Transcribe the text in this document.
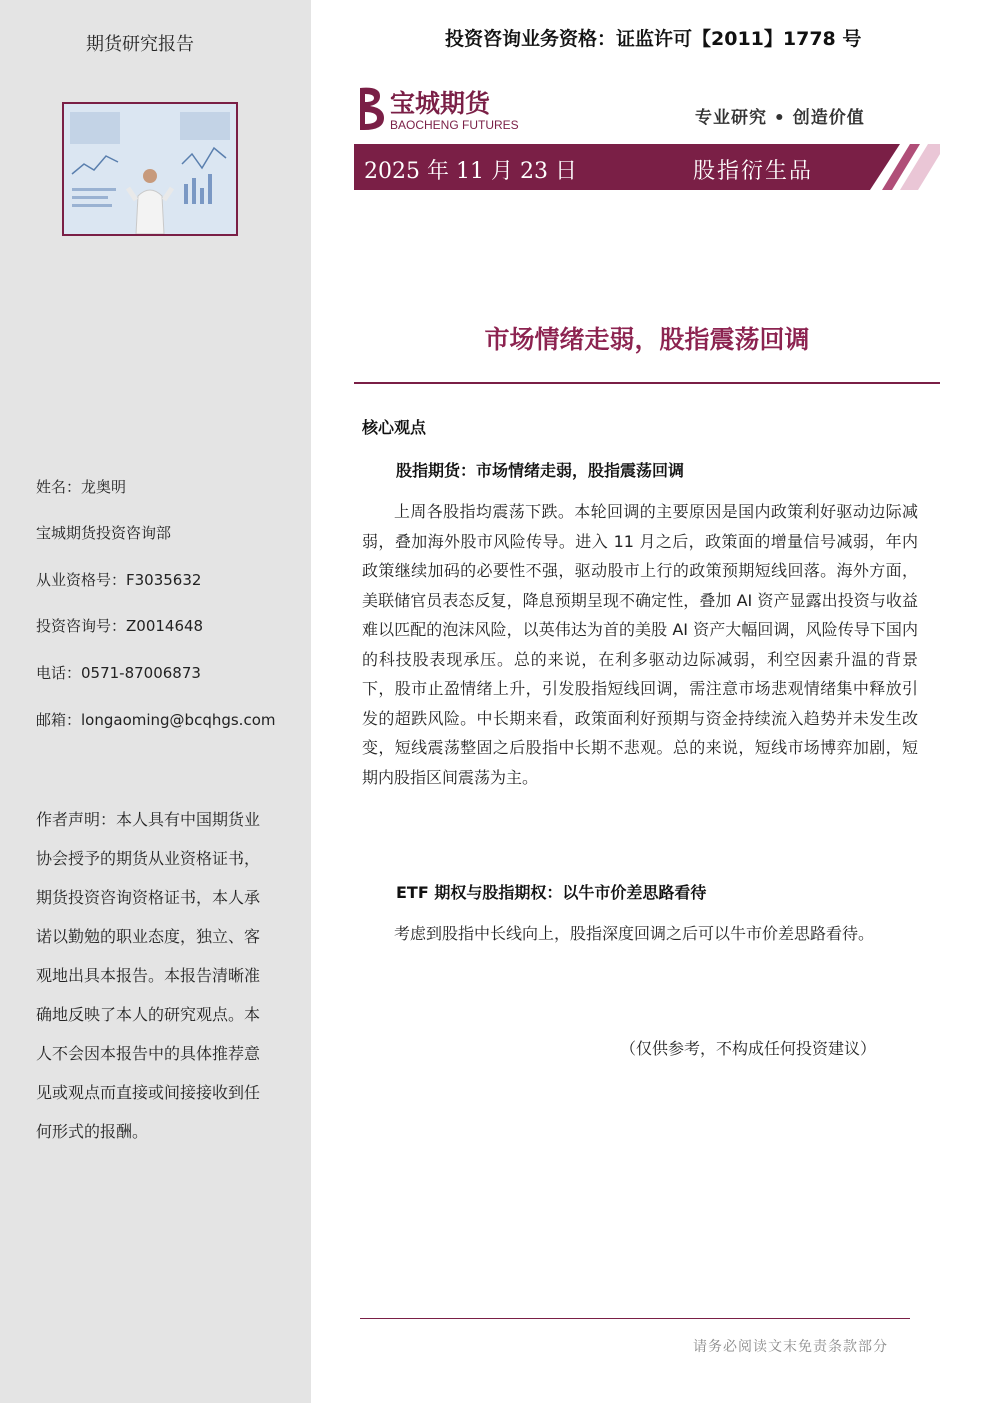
期货研究报告
姓名：龙奥明
宝城期货投资咨询部
从业资格号：F3035632
投资咨询号：Z0014648
电话：0571-87006873
邮箱：longaoming@bcqhgs.com
作者声明：本人具有中国期货业协会授予的期货从业资格证书，期货投资咨询资格证书，本人承诺以勤勉的职业态度，独立、客观地出具本报告。本报告清晰准确地反映了本人的研究观点。本人不会因本报告中的具体推荐意见或观点而直接或间接接收到任何形式的报酬。
投资咨询业务资格：证监许可【2011】1778 号
宝城期货
BAOCHENG FUTURES	专业研究 • 创造价值
2025 年 11 月 23 日	股指衍生品
市场情绪走弱，股指震荡回调
核心观点
股指期货：市场情绪走弱，股指震荡回调
上周各股指均震荡下跌。本轮回调的主要原因是国内政策利好驱动边际减弱，叠加海外股市风险传导。进入 11 月之后，政策面的增量信号减弱，年内政策继续加码的必要性不强，驱动股市上行的政策预期短线回落。海外方面，美联储官员表态反复，降息预期呈现不确定性，叠加 AI 资产显露出投资与收益难以匹配的泡沫风险，以英伟达为首的美股 AI 资产大幅回调，风险传导下国内的科技股表现承压。总的来说，在利多驱动边际减弱，利空因素升温的背景下，股市止盈情绪上升，引发股指短线回调，需注意市场悲观情绪集中释放引发的超跌风险。中长期来看，政策面利好预期与资金持续流入趋势并未发生改变，短线震荡整固之后股指中长期不悲观。总的来说，短线市场博弈加剧，短期内股指区间震荡为主。
ETF 期权与股指期权：以牛市价差思路看待
考虑到股指中长线向上，股指深度回调之后可以牛市价差思路看待。
（仅供参考，不构成任何投资建议）
请务必阅读文末免责条款部分
